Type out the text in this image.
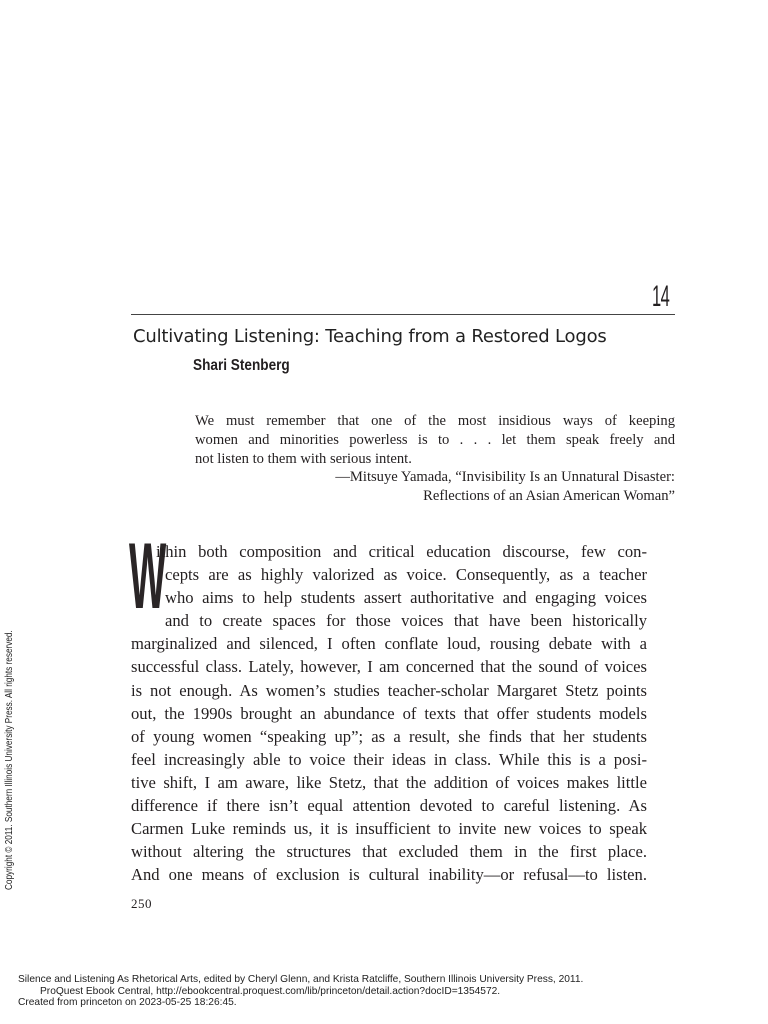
14
Cultivating Listening: Teaching from a Restored Logos
Shari Stenberg
We must remember that one of the most insidious ways of keeping
women and minorities powerless is to . . . let them speak freely and
not listen to them with serious intent.
—Mitsuye Yamada, “Invisibility Is an Unnatural Disaster:
Reflections of an Asian American Woman”
W
ithin both composition and critical education discourse, few con-
cepts are as highly valorized as voice. Consequently, as a teacher
who aims to help students assert authoritative and engaging voices
and to create spaces for those voices that have been historically
marginalized and silenced, I often conflate loud, rousing debate with a
successful class. Lately, however, I am concerned that the sound of voices
is not enough. As women’s studies teacher-scholar Margaret Stetz points
out, the 1990s brought an abundance of texts that offer students models
of young women “speaking up”; as a result, she finds that her students
feel increasingly able to voice their ideas in class. While this is a posi-
tive shift, I am aware, like Stetz, that the addition of voices makes little
difference if there isn’t equal attention devoted to careful listening. As
Carmen Luke reminds us, it is insufficient to invite new voices to speak
without altering the structures that excluded them in the first place.
And one means of exclusion is cultural inability—or refusal—to listen.
250
Copyright © 2011. Southern Illinois University Press. All rights reserved.
Silence and Listening As Rhetorical Arts, edited by Cheryl Glenn, and Krista Ratcliffe, Southern Illinois University Press, 2011.
ProQuest Ebook Central, http://ebookcentral.proquest.com/lib/princeton/detail.action?docID=1354572.
Created from princeton on 2023-05-25 18:26:45.
